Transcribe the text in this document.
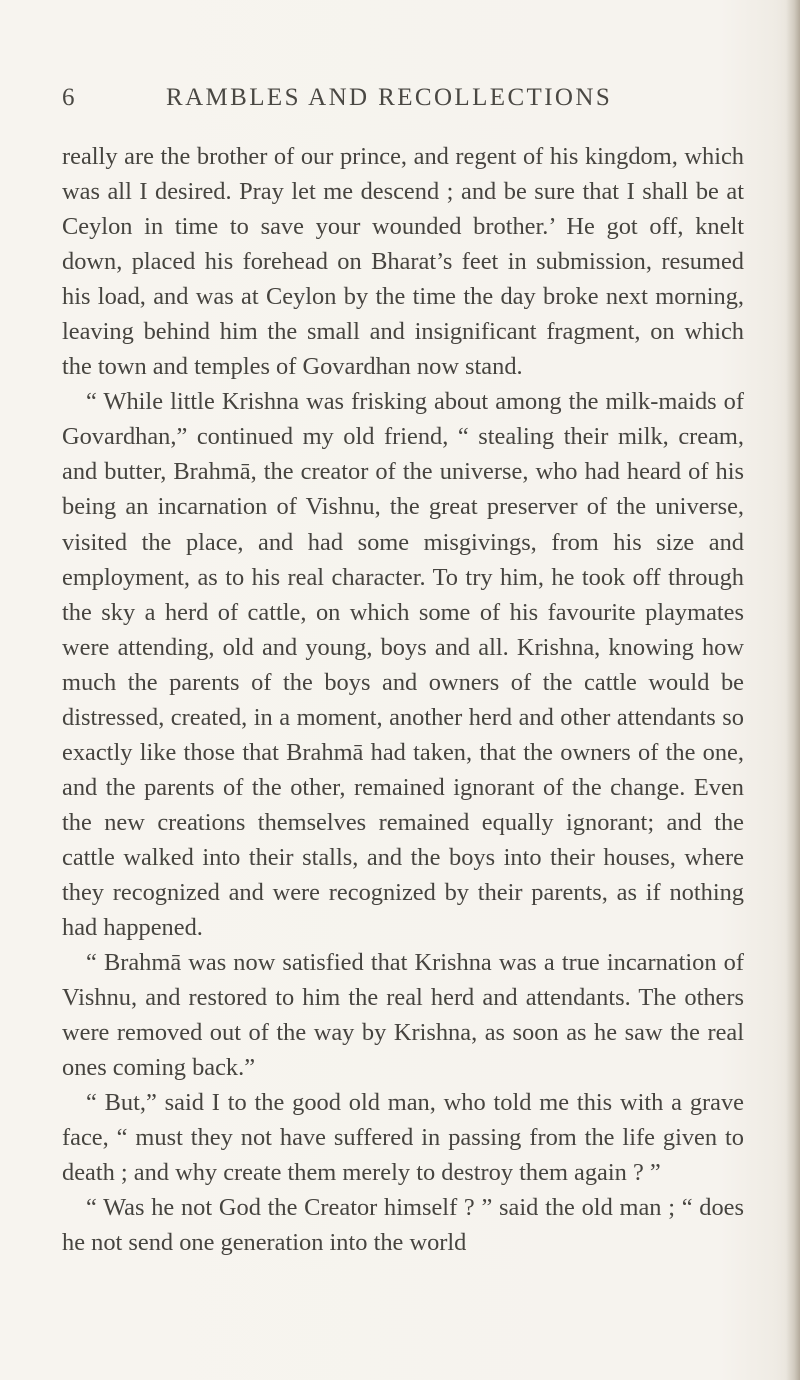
6	RAMBLES AND RECOLLECTIONS

really are the brother of our prince, and regent of his kingdom, which was all I desired. Pray let me descend ; and be sure that I shall be at Ceylon in time to save your wounded brother.’ He got off, knelt down, placed his forehead on Bharat’s feet in submission, resumed his load, and was at Ceylon by the time the day broke next morning, leaving behind him the small and insignificant fragment, on which the town and temples of Govardhan now stand.

“ While little Krishna was frisking about among the milk-maids of Govardhan,” continued my old friend, “ stealing their milk, cream, and butter, Brahmā, the creator of the universe, who had heard of his being an incarnation of Vishnu, the great preserver of the universe, visited the place, and had some misgivings, from his size and employment, as to his real character. To try him, he took off through the sky a herd of cattle, on which some of his favourite playmates were attending, old and young, boys and all. Krishna, knowing how much the parents of the boys and owners of the cattle would be distressed, created, in a moment, another herd and other attendants so exactly like those that Brahmā had taken, that the owners of the one, and the parents of the other, remained ignorant of the change. Even the new creations themselves remained equally ignorant; and the cattle walked into their stalls, and the boys into their houses, where they recognized and were recognized by their parents, as if nothing had happened.

“ Brahmā was now satisfied that Krishna was a true incarnation of Vishnu, and restored to him the real herd and attendants. The others were removed out of the way by Krishna, as soon as he saw the real ones coming back.”

“ But,” said I to the good old man, who told me this with a grave face, “ must they not have suffered in passing from the life given to death ; and why create them merely to destroy them again ? ”

“ Was he not God the Creator himself ? ” said the old man ; “ does he not send one generation into the world
